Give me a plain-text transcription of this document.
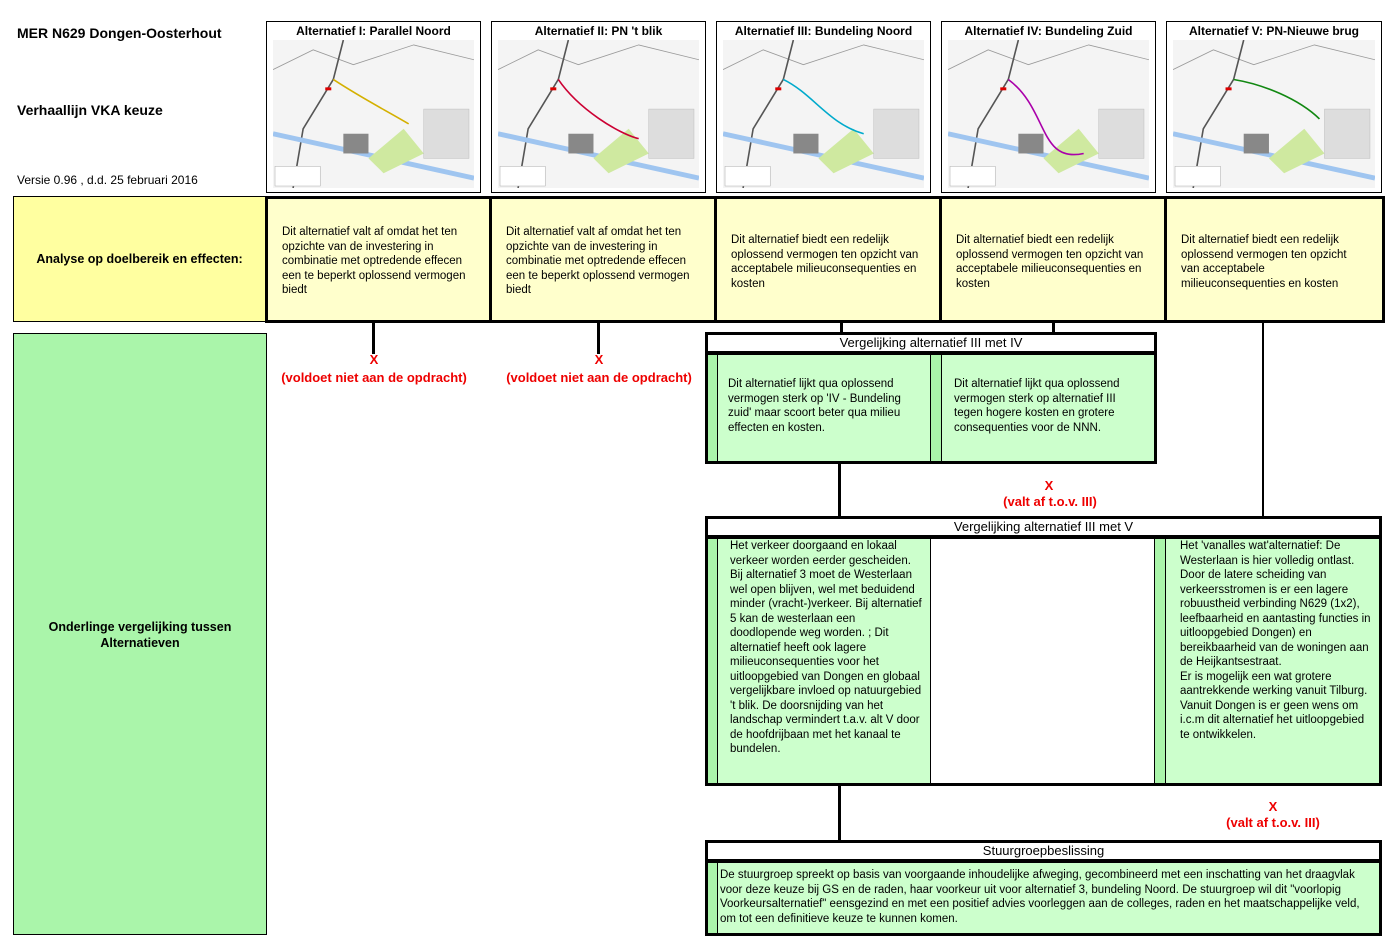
MER N629 Dongen-Oosterhout
Verhaallijn VKA keuze
Versie 0.96 , d.d. 25 februari 2016
Alternatief I: Parallel Noord	Alternatief II: PN 't blik	Alternatief III: Bundeling Noord	Alternatief IV: Bundeling Zuid	Alternatief V: PN-Nieuwe brug
Analyse op doelbereik en effecten:
Dit alternatief valt af omdat het ten opzichte van de investering in combinatie met optredende effecen een te beperkt oplossend vermogen biedt
Dit alternatief valt af omdat het ten opzichte van de investering in combinatie met optredende effecen een te beperkt oplossend vermogen biedt
Dit alternatief biedt een redelijk oplossend vermogen ten opzicht van acceptabele milieuconsequenties en kosten
Dit alternatief biedt een redelijk oplossend vermogen ten opzicht van acceptabele milieuconsequenties en kosten
Dit alternatief biedt een redelijk oplossend vermogen ten opzicht van acceptabele milieuconsequenties en kosten
Onderlinge vergelijking tussen Alternatieven
X
(voldoet niet aan de opdracht)
X
(voldoet niet aan de opdracht)
Vergelijking alternatief III met IV
Dit alternatief lijkt qua oplossend vermogen sterk op 'IV - Bundeling zuid' maar scoort beter qua milieu effecten en kosten.
Dit alternatief lijkt qua oplossend vermogen sterk op alternatief III tegen hogere kosten en grotere consequenties voor de NNN.
X
(valt af t.o.v. III)
Vergelijking alternatief III met V
Het verkeer doorgaand en lokaal verkeer worden eerder gescheiden. Bij alternatief 3 moet de Westerlaan wel open blijven, wel met beduidend minder (vracht-)verkeer. Bij alternatief 5 kan de westerlaan een doodlopende weg worden. ; Dit alternatief heeft ook lagere milieuconsequenties voor het uitloopgebied van Dongen en globaal vergelijkbare invloed op natuurgebied 't blik. De doorsnijding van het landschap vermindert t.a.v. alt V door de hoofdrijbaan met het kanaal te bundelen.
Het 'vanalles wat'alternatief: De Westerlaan is hier volledig ontlast. Door de latere scheiding van verkeersstromen is er een lagere robuustheid verbinding N629 (1x2), leefbaarheid en aantasting functies in uitloopgebied Dongen) en bereikbaarheid van de woningen aan de Heijkantsestraat.
Er is mogelijk een wat grotere aantrekkende werking vanuit Tilburg. Vanuit Dongen is er geen wens om i.c.m dit alternatief het uitloopgebied te ontwikkelen.
X
(valt af t.o.v. III)
Stuurgroepbeslissing
De stuurgroep spreekt op basis van voorgaande inhoudelijke afweging, gecombineerd met een inschatting van het draagvlak voor deze keuze bij GS en de raden, haar voorkeur uit voor alternatief 3, bundeling Noord. De stuurgroep wil dit "voorlopig Voorkeursalternatief" eensgezind en met een positief advies voorleggen aan de colleges, raden en het maatschappelijke veld, om tot een definitieve keuze te kunnen komen.
